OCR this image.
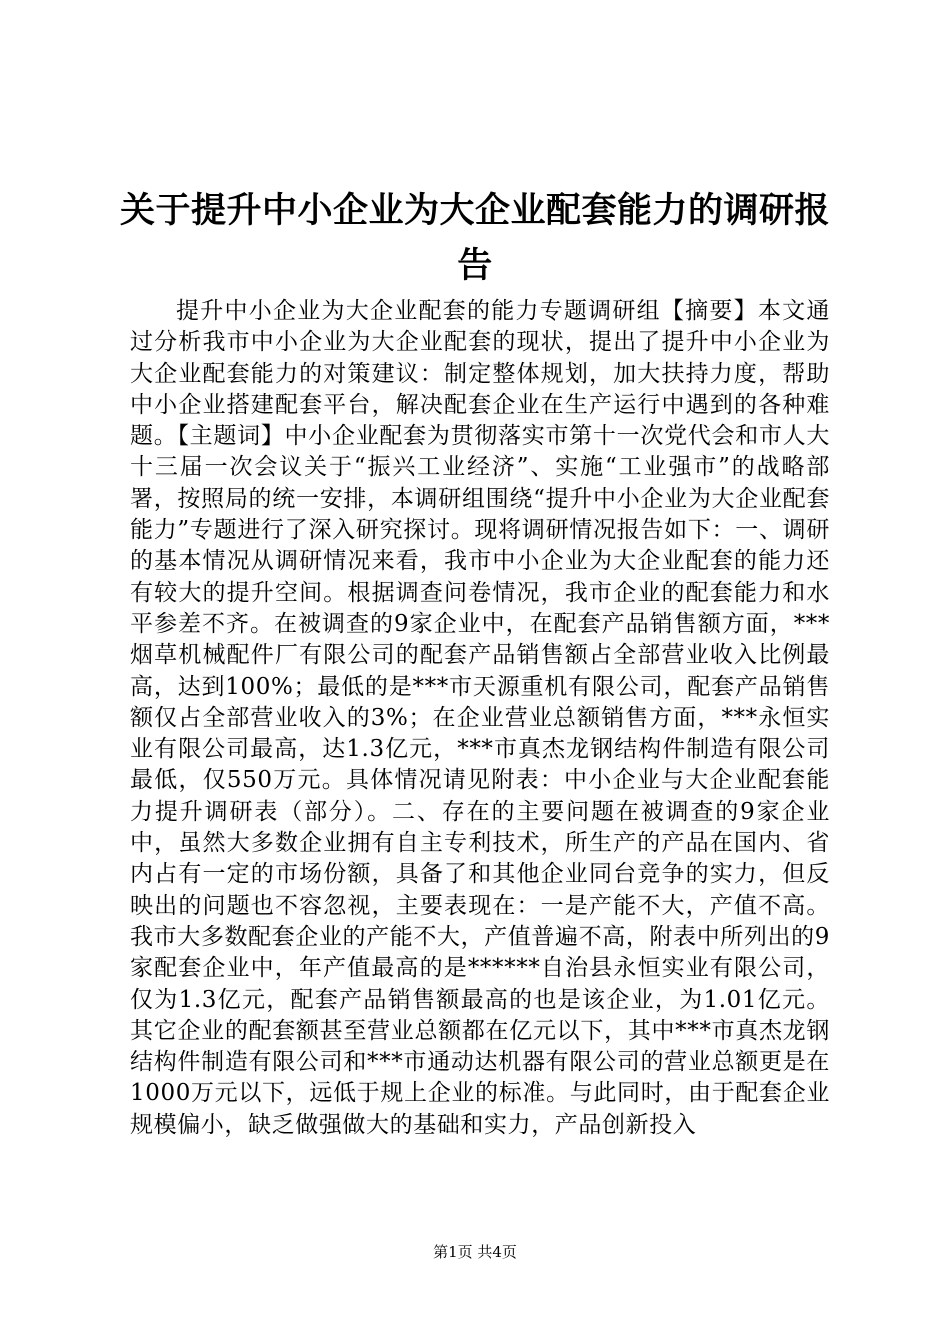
关于提升中小企业为大企业配套能力的调研报告

提升中小企业为大企业配套的能力专题调研组【摘要】本文通过分析我市中小企业为大企业配套的现状，提出了提升中小企业为大企业配套能力的对策建议：制定整体规划，加大扶持力度，帮助中小企业搭建配套平台，解决配套企业在生产运行中遇到的各种难题。【主题词】中小企业配套为贯彻落实市第十一次党代会和市人大十三届一次会议关于“振兴工业经济”、实施“工业强市”的战略部署，按照局的统一安排，本调研组围绕“提升中小企业为大企业配套能力”专题进行了深入研究探讨。现将调研情况报告如下：一、调研的基本情况从调研情况来看，我市中小企业为大企业配套的能力还有较大的提升空间。根据调查问卷情况，我市企业的配套能力和水平参差不齐。在被调查的9家企业中，在配套产品销售额方面，***烟草机械配件厂有限公司的配套产品销售额占全部营业收入比例最高，达到100%；最低的是***市天源重机有限公司，配套产品销售额仅占全部营业收入的3%；在企业营业总额销售方面，***永恒实业有限公司最高，达1.3亿元，***市真杰龙钢结构件制造有限公司最低，仅550万元。具体情况请见附表：中小企业与大企业配套能力提升调研表（部分）。二、存在的主要问题在被调查的9家企业中，虽然大多数企业拥有自主专利技术，所生产的产品在国内、省内占有一定的市场份额，具备了和其他企业同台竞争的实力，但反映出的问题也不容忽视，主要表现在：一是产能不大，产值不高。我市大多数配套企业的产能不大，产值普遍不高，附表中所列出的9家配套企业中，年产值最高的是******自治县永恒实业有限公司，仅为1.3亿元，配套产品销售额最高的也是该企业，为1.01亿元。其它企业的配套额甚至营业总额都在亿元以下，其中***市真杰龙钢结构件制造有限公司和***市通动达机器有限公司的营业总额更是在1000万元以下，远低于规上企业的标准。与此同时，由于配套企业规模偏小，缺乏做强做大的基础和实力，产品创新投入

第1页 共4页
